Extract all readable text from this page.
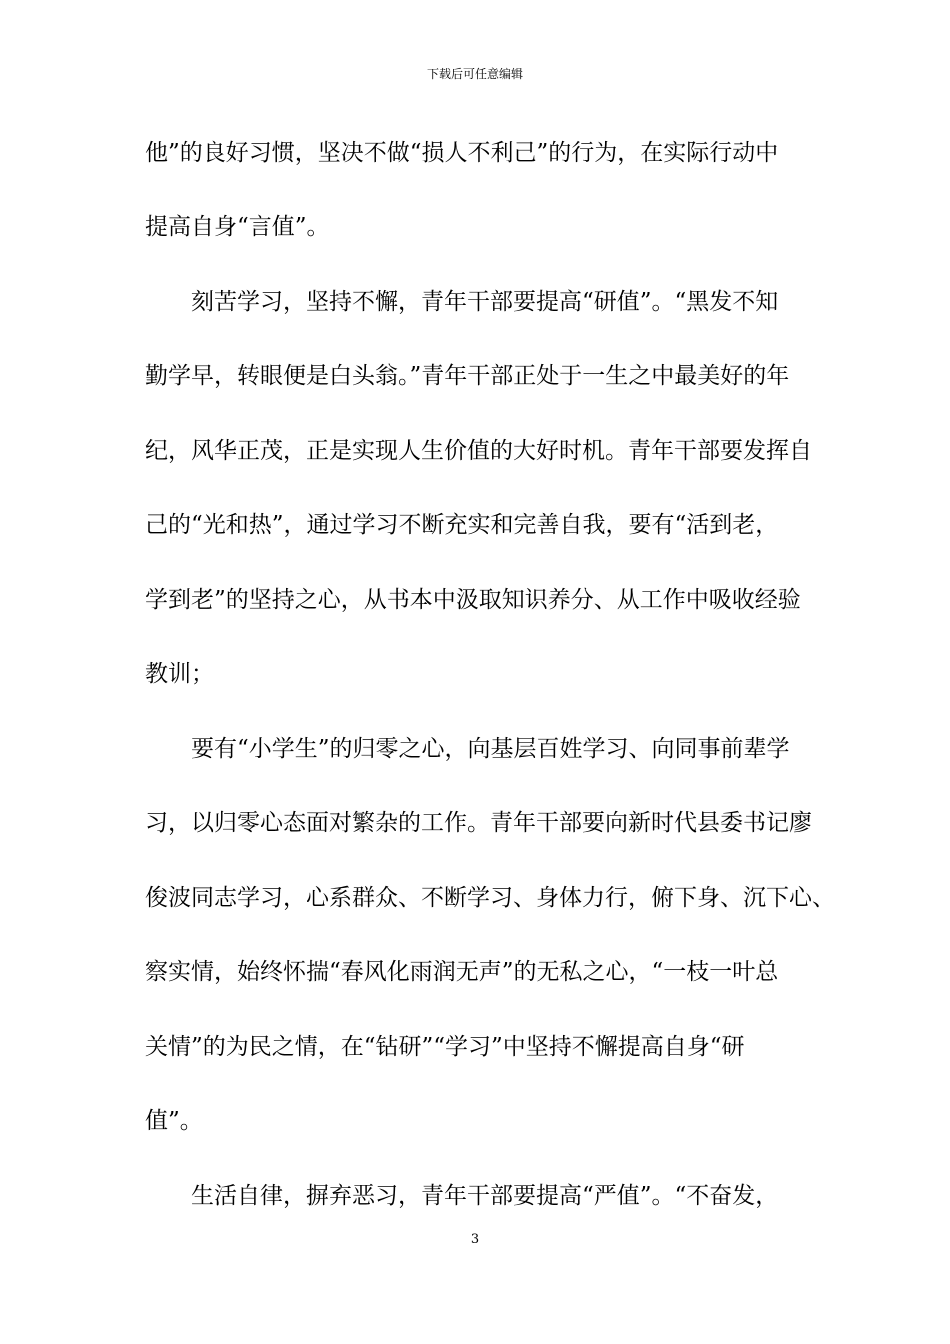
下载后可任意编辑
他”的良好习惯，坚决不做“损人不利己”的行为，在实际行动中
提高自身“言值”。
刻苦学习，坚持不懈，青年干部要提高“研值”。“黑发不知
勤学早，转眼便是白头翁。”青年干部正处于一生之中最美好的年
纪，风华正茂，正是实现人生价值的大好时机。青年干部要发挥自
己的“光和热”，通过学习不断充实和完善自我，要有“活到老，
学到老”的坚持之心，从书本中汲取知识养分、从工作中吸收经验
教训；
要有“小学生”的归零之心，向基层百姓学习、向同事前辈学
习，以归零心态面对繁杂的工作。青年干部要向新时代县委书记廖
俊波同志学习，心系群众、不断学习、身体力行，俯下身、沉下心、
察实情，始终怀揣“春风化雨润无声”的无私之心，“一枝一叶总
关情”的为民之情，在“钻研”“学习”中坚持不懈提高自身“研
值”。
生活自律，摒弃恶习，青年干部要提高“严值”。“不奋发，
3
